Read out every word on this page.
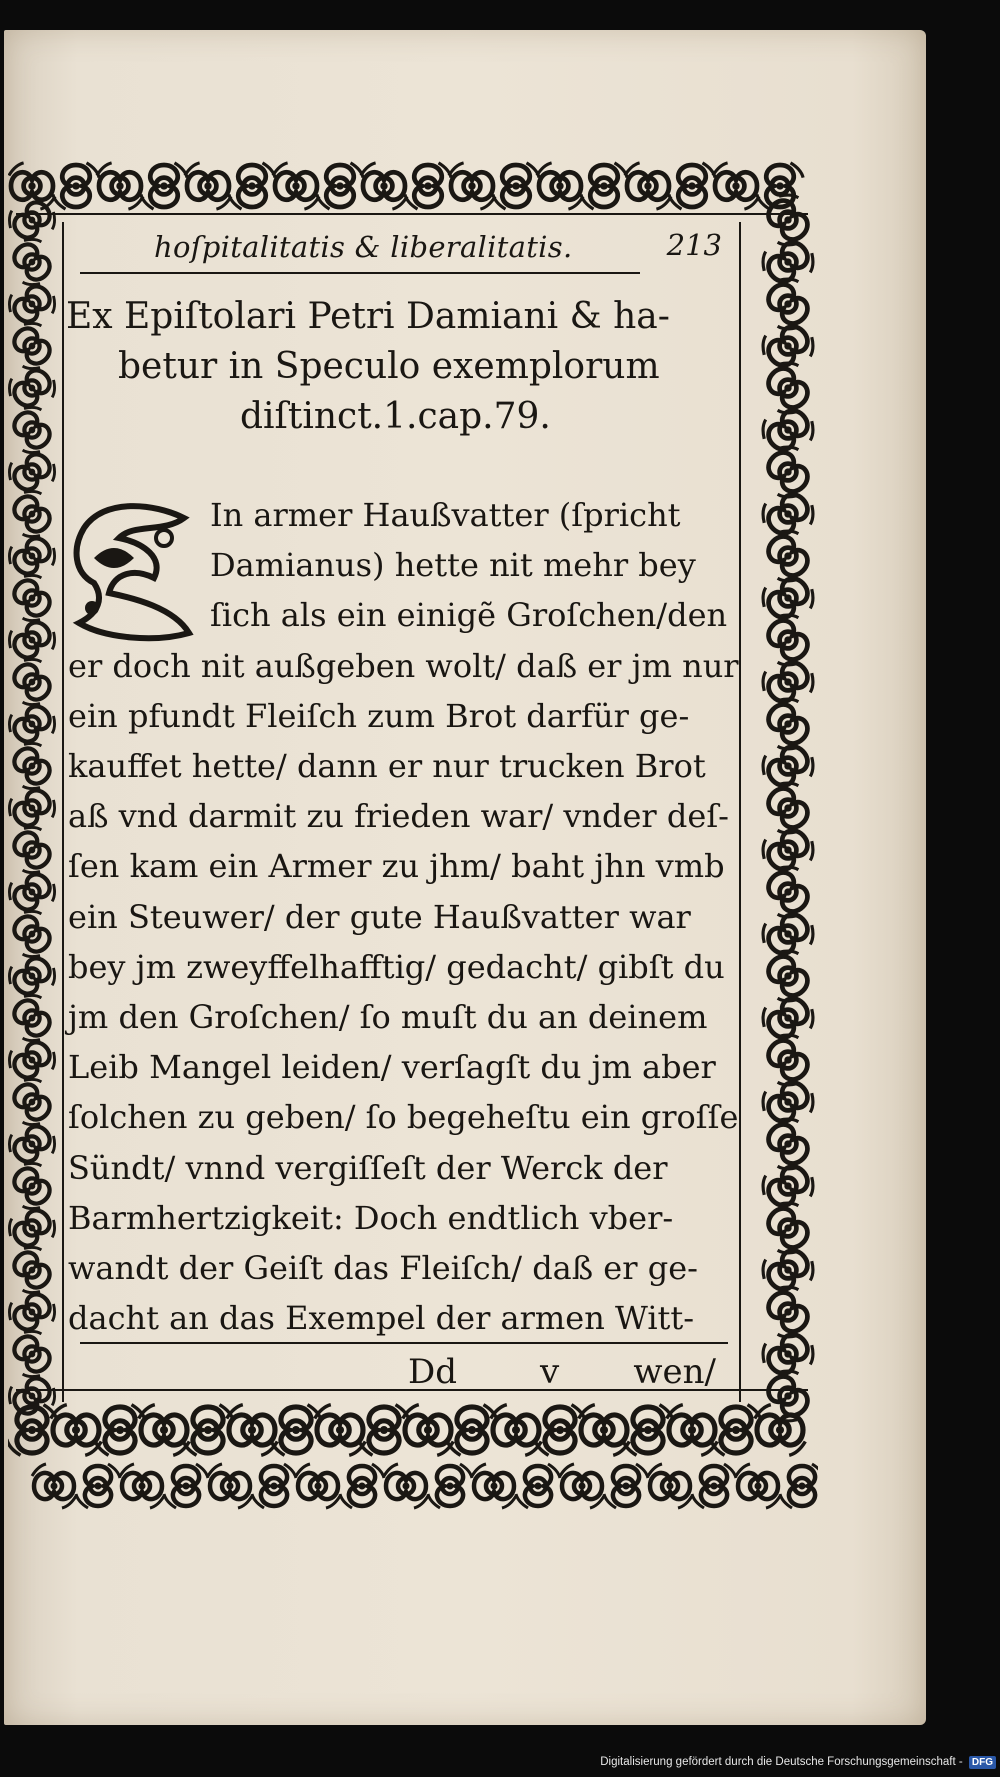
hoſpitalitatis & liberalitatis.	213
Ex Epiſtolari Petri Damiani & ha-
betur in Speculo exemplorum
diſtinct.1.cap.79.
In armer Haußvatter (ſpricht
Damianus) hette nit mehr bey
ſich als ein einigẽ Groſchen/den
er doch nit außgeben wolt/ daß er jm nur
ein pfundt Fleiſch zum Brot darfür ge-
kauffet hette/ dann er nur trucken Brot
aß vnd darmit zu frieden war/ vnder deſ-
ſen kam ein Armer zu jhm/ baht jhn vmb
ein Steuwer/ der gute Haußvatter war
bey jm zweyffelhafftig/ gedacht/ gibſt du
jm den Groſchen/ ſo muſt du an deinem
Leib Mangel leiden/ verſagſt du jm aber
ſolchen zu geben/ ſo begeheſtu ein groſſe
Sündt/ vnnd vergiſſeſt der Werck der
Barmhertzigkeit: Doch endtlich vber-
wandt der Geiſt das Fleiſch/ daß er ge-
dacht an das Exempel der armen Witt-
Dd v wen/
Digitalisierung gefördert durch die Deutsche Forschungsgemeinschaft - DFG
